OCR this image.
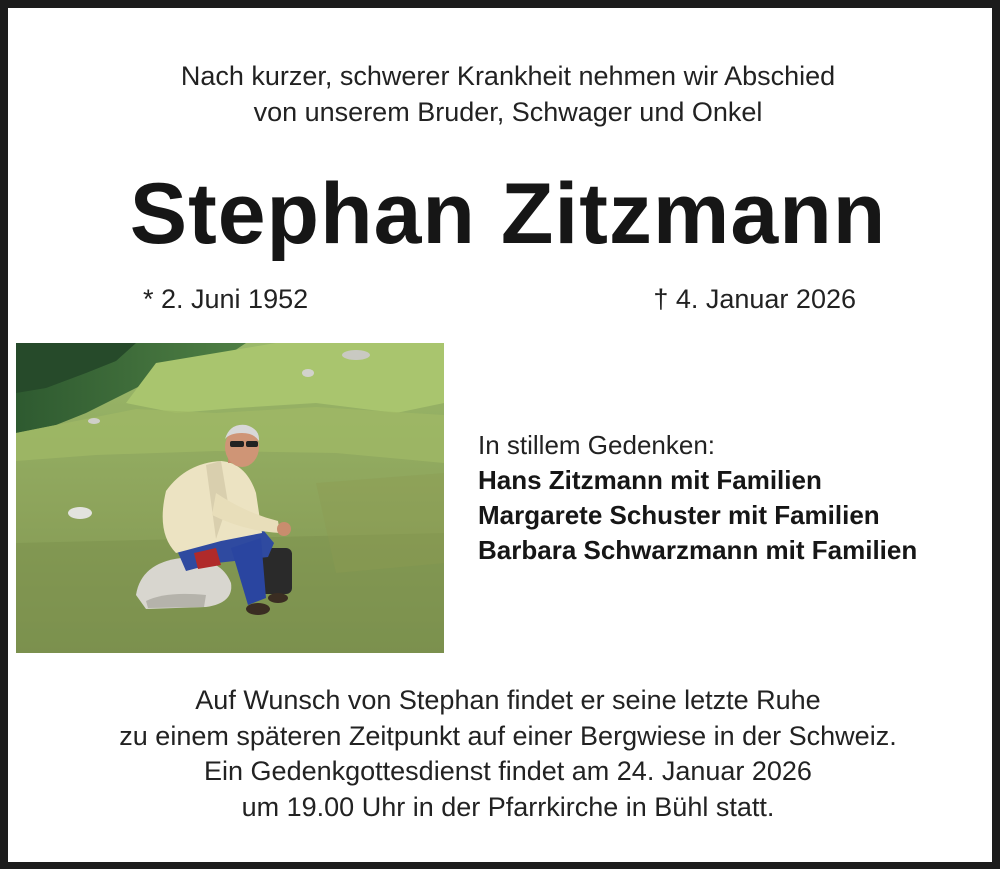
Nach kurzer, schwerer Krankheit nehmen wir Abschied
von unserem Bruder, Schwager und Onkel
Stephan Zitzmann
* 2. Juni 1952	† 4. Januar 2026
In stillem Gedenken:
Hans Zitzmann mit Familien
Margarete Schuster mit Familien
Barbara Schwarzmann mit Familien
Auf Wunsch von Stephan findet er seine letzte Ruhe
zu einem späteren Zeitpunkt auf einer Bergwiese in der Schweiz.
Ein Gedenkgottesdienst findet am 24. Januar 2026
um 19.00 Uhr in der Pfarrkirche in Bühl statt.
